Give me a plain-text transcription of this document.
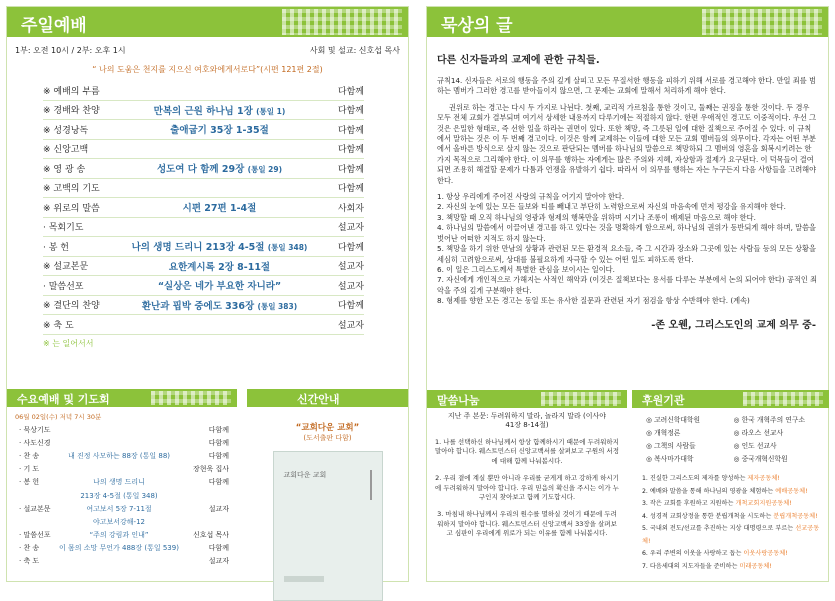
주일예배
1부: 오전 10시 / 2부: 오후 1시	사회 및 설교: 신호섭 목사
“ 나의 도움은 천지를 지으신 여호와에게서로다”(시편 121편 2절)
※ 예배의 부름	다함께
※ 경배와 찬양	만복의 근원 하나님 1장 (통일 1)	다함께
※ 성경낭독	출애굽기 35장 1-35절	다함께
※ 신앙고백	다함께
※ 영 광 송	성도여 다 함께 29장 (통일 29)	다함께
※ 고백의 기도	다함께
※ 위로의 말씀	시편 27편 1-4절	사회자
· 목회기도	설교자
· 봉 헌	나의 생명 드리니 213장 4-5절 (통일 348)	다함께
※ 설교본문	요한계시록 2장 8-11절	설교자
· 말씀선포	“실상은 네가 부요한 자니라”	설교자
※ 결단의 찬양	환난과 핍박 중에도 336장 (통일 383)	다함께
※ 축 도	설교자
※ 는 일어서서
수요예배 및 기도회
06월 02일(수) 저녁 7시 30분
· 묵상기도	다함께
· 사도신경	다함께
· 찬 송	내 진정 사모하는 88장 (통일 88)	다함께
· 기 도	장현욱 집사
· 봉 헌	나의 생명 드리니	다함께
213장 4-5절 (통일 348)
· 설교본문	여고보서 5장 7-11절	설교자
야고보서강해-12
· 말씀선포	“주의 강림과 인내”	신호섭 목사
· 찬 송	이 몸의 소망 무언가 488장 (통일 539)	다함께
· 축 도	설교자
신간안내
“교회다운 교회”
(도서출판 다함)
교회다운 교회
묵상의 글
다른 신자들과의 교제에 관한 규칙들.

규칙14. 신자들은 서로의 행동을 주의 깊게 살피고 모든 무질서한 행동을 피하기 위해 서로를 경고해야 한다. 만일 죄를 범하는 멤버가 그러한 경고를 받아들이지 않으면, 그 문제는 교회에 말해서 처리하게 해야 한다.

권위로 하는 경고는 다시 두 가지로 나뉜다. 첫째, 교리적 가르침을 통한 것이고, 둘째는 권징을 통한 것이다. 두 경우 모두 전체 교회가 결부되며 여기서 상세한 내용까지 다루기에는 적절하지 않다. 한편 우애적인 경고도 이중적이다. 우선 그것은 은밀한 형태로, 즉 선한 일을 하라는 권면이 있다. 또한 책망, 즉 그릇된 일에 대한 질책으로 주어질 수 있다. 이 규칙에서 말하는 것은 이 두 번째 경고이다. 이것은 함께 교제하는 이들에 대한 모든 교회 멤버들의 의무이다. 각자는 어떤 부분에서 올바른 방식으로 살지 않는 것으로 판단되는 멤버를 하나님의 말씀으로 책망하되 그 멤버의 영혼을 회복시키려는 한가지 목적으로 그리해야 한다. 이 의무를 행하는 자에게는 많은 주의와 지혜, 자상함과 절제가 요구된다. 이 덕목들이 결여되면 조용히 해결할 문제가 다툼과 언쟁을 유발하기 쉽다. 따라서 이 의무를 행하는 자는 누구든지 다음 사항들을 고려해야 한다.

1. 항상 우리에게 주어진 사랑의 규칙을 어기지 말아야 한다.
2. 자신의 눈에 있는 모든 들보와 티를 빼내고 부단히 노력함으로써 자신의 마음속에 먼저 평강을 유지해야 한다.
3. 책망할 때 오직 하나님의 영광과 형제의 행복만을 위하며 시기나 조롱이 배제된 마음으로 해야 한다.
4. 하나님의 말씀에서 이끌어낸 경고를 하고 있다는 것을 명확하게 함으로써, 하나님의 권위가 동반되게 해야 하며, 말씀을 벗어난 어떠한 지적도 하지 않는다.
5. 책망을 하기 위한 만남의 상황과 관련된 모든 환경적 요소들, 즉 그 시간과 장소와 그곳에 있는 사람들 등의 모든 상황을 세심히 고려함으로써, 상대를 불필요하게 자극할 수 있는 어떤 일도 피하도록 한다.
6. 이 일은 그리스도께서 특별한 관심을 보이시는 일이다.
7. 자신에게 개인적으로 가해지는 사적인 해악과 (이것은 질책보다는 용서를 다루는 부분에서 논의 되어야 한다) 공적인 죄악을 주의 깊게 구분해야 한다.
8. 형제를 향한 모든 경고는 동일 또는 유사한 질문과 관련된 자기 점검을 항상 수반해야 한다. (계속)
-존 오웬, 그리스도인의 교제 의무 중-
말씀나눔
지난 주 본문: 두려워하지 말라, 놀라지 말라 (이사야 41장 8-14절)
1. 나를 선택하신 하나님께서 항상 함께하시기 때문에 두려워하지 말아야 합니다. 웨스트민스터 신앙고백서를 살펴보고 구원의 서정에 대해 함께 나눠봅시다.
2. 우리 곁에 계실 뿐만 아니라 우리를 굳게게 하고 강하게 하시기에 두려워하지 말아야 합니다. 우리 믿음의 확신을 주시는 이가 누구인지 찾아보고 함께 기도합시다.
3. 마침내 하나님께서 우리의 원수를 멸하실 것이기 때문에 두려워하지 말아야 합니다. 웨스트민스터 신앙고백서 33장을 살펴보고 심판이 우리에게 위로가 되는 이유를 함께 나눠봅시다.
후원기관
◎ 고려신학대학원	◎ 한국 개혁주의 연구소
◎ 개혁정론	◎ 라오스 선교사
◎ 그책의 사람들	◎ 인도 선교사
◎ 복사마가대학	◎ 중국개혁신학원
1. 진실한 그리스도의 제자를 양성하는 제자공동체!
2. 예배와 말씀을 통해 하나님의 영광을 체험하는 예배공동체!
3. 작은 교회를 후원하고 지원하는 개척교회지원공동체!
4. 성경적 교회상정을 통한 분립개척을 시도하는 분립개척공동체!
5. 국내외 전도/선교를 추진하는 지상 대명령으로 부르는 선교공동체!
6. 우리 주변의 이웃을 사랑하고 돕는 이웃사랑공동체!
7. 다음세대의 지도자들을 준비하는 미래공동체!
